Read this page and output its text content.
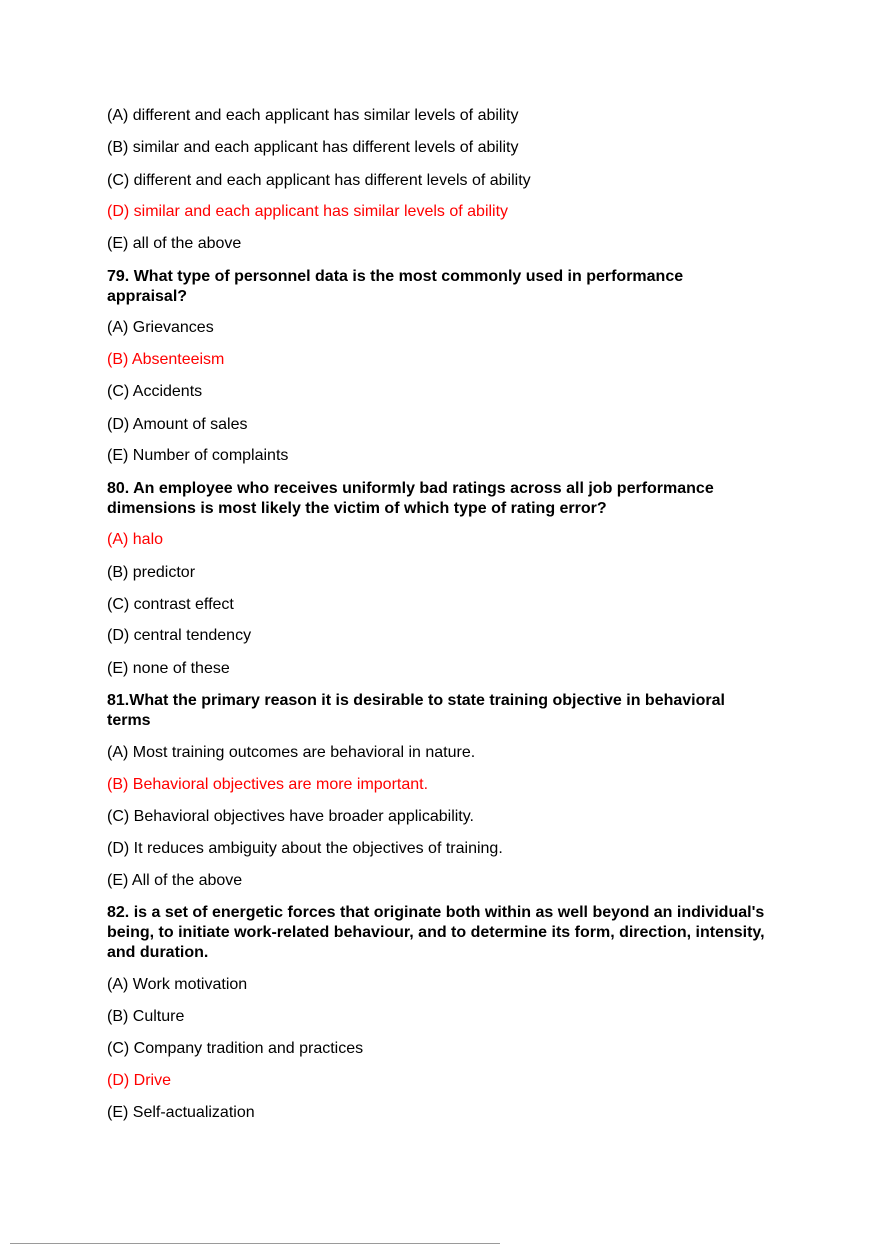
(A) different and each applicant has similar levels of ability
(B) similar and each applicant has different levels of ability
(C) different and each applicant has different levels of ability
(D) similar and each applicant has similar levels of ability
(E) all of the above
79. What type of personnel data is the most commonly used in performance appraisal?
(A) Grievances
(B) Absenteeism
(C) Accidents
(D) Amount of sales
(E) Number of complaints
80. An employee who receives uniformly bad ratings across all job performance dimensions is most likely the victim of which type of rating error?
(A) halo
(B) predictor
(C) contrast effect
(D) central tendency
(E) none of these
81.What the primary reason it is desirable to state training objective in behavioral terms
(A) Most training outcomes are behavioral in nature.
(B) Behavioral objectives are more important.
(C) Behavioral objectives have broader applicability.
(D) It reduces ambiguity about the objectives of training.
(E) All of the above
82. is a set of energetic forces that originate both within as well beyond an individual's being, to initiate work-related behaviour, and to determine its form, direction, intensity, and duration.
(A) Work motivation
(B) Culture
(C) Company tradition and practices
(D) Drive
(E) Self-actualization
